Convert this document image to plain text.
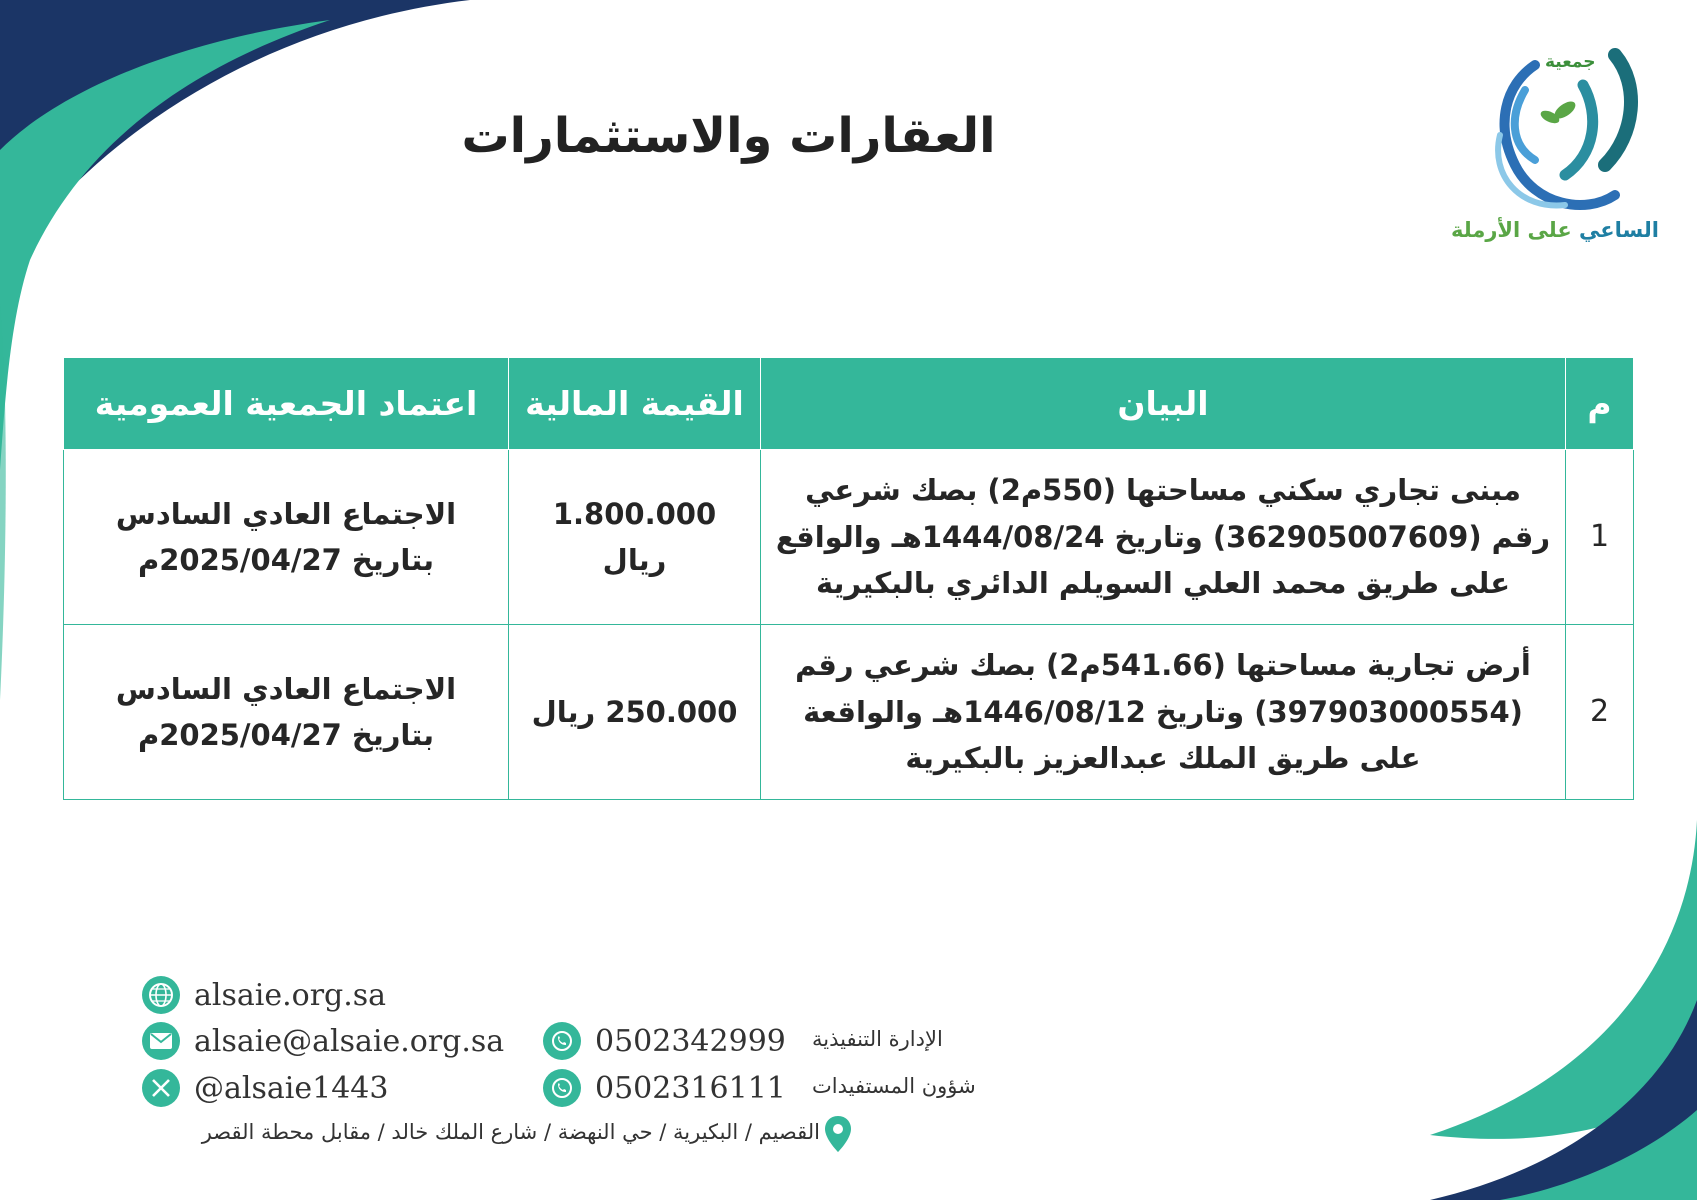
جمعية
الساعي على الأرملة
العقارات والاستثمارات
م	البيان	القيمة المالية	اعتماد الجمعية العمومية
1	مبنى تجاري سكني مساحتها (550م2) بصك شرعي رقم (362905007609) وتاريخ 1444/08/24هـ والواقع على طريق محمد العلي السويلم الدائري بالبكيرية	1.800.000 ريال	الاجتماع العادي السادس
بتاريخ 2025/04/27م

2	أرض تجارية مساحتها (541.66م2) بصك شرعي رقم (397903000554) وتاريخ 1446/08/12هـ والواقعة على طريق الملك عبدالعزيز بالبكيرية	250.000 ريال	الاجتماع العادي السادس
بتاريخ 2025/04/27م
alsaie.org.sa
alsaie@alsaie.org.sa
@alsaie1443
0502342999 الإدارة التنفيذية
0502316111 شؤون المستفيدات
القصيم / البكيرية / حي النهضة / شارع الملك خالد / مقابل محطة القصر
